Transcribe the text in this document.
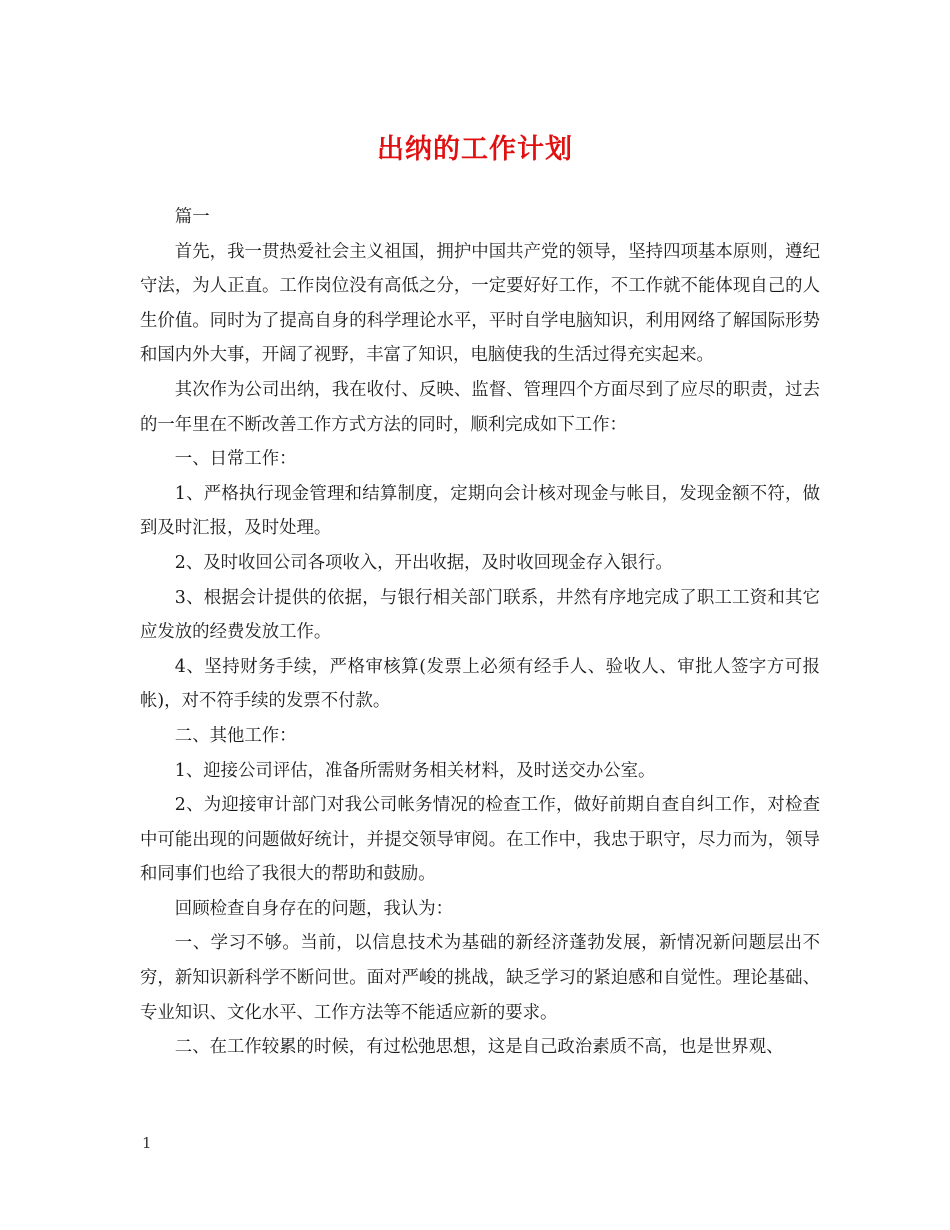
出纳的工作计划

篇一

首先，我一贯热爱社会主义祖国，拥护中国共产党的领导，坚持四项基本原则，遵纪守法，为人正直。工作岗位没有高低之分，一定要好好工作，不工作就不能体现自己的人生价值。同时为了提高自身的科学理论水平，平时自学电脑知识，利用网络了解国际形势和国内外大事，开阔了视野，丰富了知识，电脑使我的生活过得充实起来。

其次作为公司出纳，我在收付、反映、监督、管理四个方面尽到了应尽的职责，过去的一年里在不断改善工作方式方法的同时，顺利完成如下工作：

一、日常工作：

1、严格执行现金管理和结算制度，定期向会计核对现金与帐目，发现金额不符，做到及时汇报，及时处理。

2、及时收回公司各项收入，开出收据，及时收回现金存入银行。

3、根据会计提供的依据，与银行相关部门联系，井然有序地完成了职工工资和其它应发放的经费发放工作。

4、坚持财务手续，严格审核算(发票上必须有经手人、验收人、审批人签字方可报帐)，对不符手续的发票不付款。

二、其他工作：

1、迎接公司评估，准备所需财务相关材料，及时送交办公室。

2、为迎接审计部门对我公司帐务情况的检查工作，做好前期自查自纠工作，对检查中可能出现的问题做好统计，并提交领导审阅。在工作中，我忠于职守，尽力而为，领导和同事们也给了我很大的帮助和鼓励。

回顾检查自身存在的问题，我认为：

一、学习不够。当前，以信息技术为基础的新经济蓬勃发展，新情况新问题层出不穷，新知识新科学不断问世。面对严峻的挑战，缺乏学习的紧迫感和自觉性。理论基础、专业知识、文化水平、工作方法等不能适应新的要求。

二、在工作较累的时候，有过松弛思想，这是自己政治素质不高，也是世界观、

1
